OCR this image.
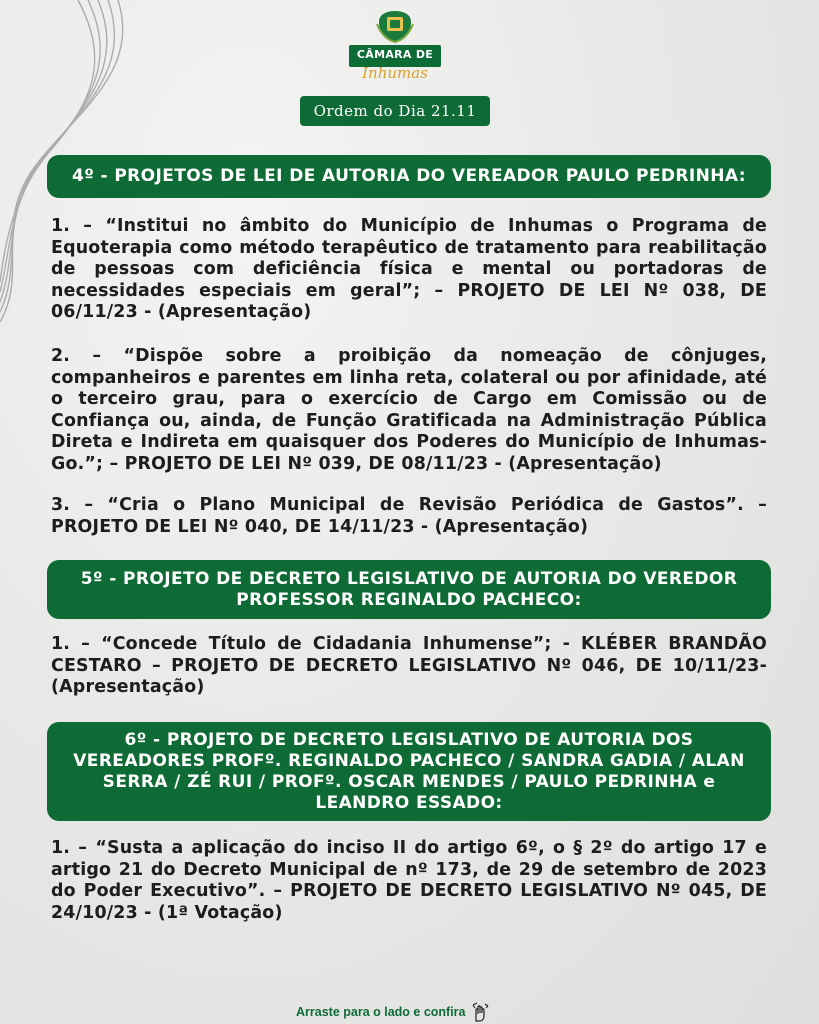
CÂMARA DE
Inhumas
Ordem do Dia 21.11
4º - PROJETOS DE LEI DE AUTORIA DO VEREADOR PAULO PEDRINHA:
1. – “Institui no âmbito do Município de Inhumas o Programa de Equoterapia como método terapêutico de tratamento para reabilitação de pessoas com deficiência física e mental ou portadoras de necessidades especiais em geral”; – PROJETO DE LEI Nº 038, DE 06/11/23 - (Apresentação)
2. – “Dispõe sobre a proibição da nomeação de cônjuges, companheiros e parentes em linha reta, colateral ou por afinidade, até o terceiro grau, para o exercício de Cargo em Comissão ou de Confiança ou, ainda, de Função Gratificada na Administração Pública Direta e Indireta em quaisquer dos Poderes do Município de Inhumas-Go.”; – PROJETO DE LEI Nº 039, DE 08/11/23 - (Apresentação)
3. – “Cria o Plano Municipal de Revisão Periódica de Gastos”. – PROJETO DE LEI Nº 040, DE 14/11/23 - (Apresentação)
5º - PROJETO DE DECRETO LEGISLATIVO DE AUTORIA DO VEREDOR PROFESSOR REGINALDO PACHECO:
1. – “Concede Título de Cidadania Inhumense”; - KLÉBER BRANDÃO CESTARO – PROJETO DE DECRETO LEGISLATIVO Nº 046, DE 10/11/23-(Apresentação)
6º - PROJETO DE DECRETO LEGISLATIVO DE AUTORIA DOS VEREADORES PROFº. REGINALDO PACHECO / SANDRA GADIA / ALAN SERRA / ZÉ RUI / PROFº. OSCAR MENDES / PAULO PEDRINHA e LEANDRO ESSADO:
1. – “Susta a aplicação do inciso II do artigo 6º, o § 2º do artigo 17 e artigo 21 do Decreto Municipal de nº 173, de 29 de setembro de 2023 do Poder Executivo”. – PROJETO DE DECRETO LEGISLATIVO Nº 045, DE 24/10/23 - (1ª Votação)
Arraste para o lado e confira
